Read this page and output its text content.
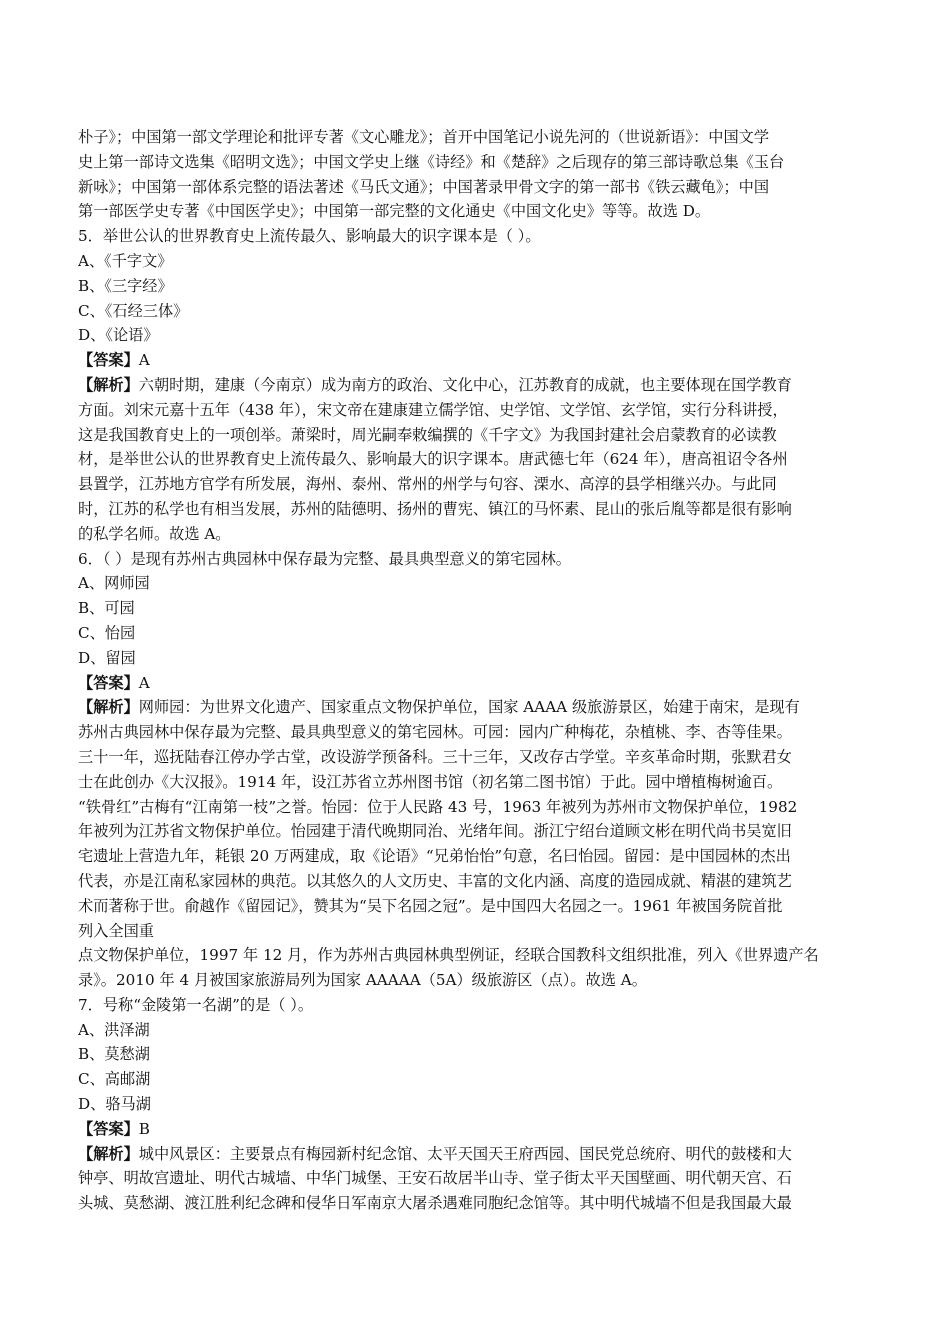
朴子》；中国第一部文学理论和批评专著《文心雕龙》；首开中国笔记小说先河的（世说新语》：中国文学
史上第一部诗文选集《昭明文选》；中国文学史上继《诗经》和《楚辞》之后现存的第三部诗歌总集《玉台
新咏》；中国第一部体系完整的语法著述《马氏文通》；中国著录甲骨文字的第一部书《铁云藏龟》；中国
第一部医学史专著《中国医学史》；中国第一部完整的文化通史《中国文化史》等等。故选 D。
5．举世公认的世界教育史上流传最久、影响最大的识字课本是（ ）。
A、《千字文》
B、《三字经》
C、《石经三体》
D、《论语》
【答案】A
【解析】六朝时期，建康（今南京）成为南方的政治、文化中心，江苏教育的成就，也主要体现在国学教育
方面。刘宋元嘉十五年（438 年），宋文帝在建康建立儒学馆、史学馆、文学馆、玄学馆，实行分科讲授，
这是我国教育史上的一项创举。萧梁时，周光嗣奉敕编撰的《千字文》为我国封建社会启蒙教育的必读教
材，是举世公认的世界教育史上流传最久、影响最大的识字课本。唐武德七年（624 年），唐高祖诏令各州
县置学，江苏地方官学有所发展，海州、泰州、常州的州学与句容、溧水、高淳的县学相继兴办。与此同
时，江苏的私学也有相当发展，苏州的陆德明、扬州的曹宪、镇江的马怀素、昆山的张后胤等都是很有影响
的私学名师。故选 A。
6．（ ）是现有苏州古典园林中保存最为完整、最具典型意义的第宅园林。
A、网师园
B、可园
C、怡园
D、留园
【答案】A
【解析】网师园：为世界文化遗产、国家重点文物保护单位，国家 AAAA 级旅游景区，始建于南宋，是现有
苏州古典园林中保存最为完整、最具典型意义的第宅园林。可园：园内广种梅花，杂植桃、李、杏等佳果。
三十一年，巡抚陆春江停办学古堂，改设游学预备科。三十三年，又改存古学堂。辛亥革命时期，张默君女
士在此创办《大汉报》。1914 年，设江苏省立苏州图书馆（初名第二图书馆）于此。园中增植梅树逾百。
“铁骨红”古梅有“江南第一枝”之誉。怡园：位于人民路 43 号，1963 年被列为苏州市文物保护单位，1982
年被列为江苏省文物保护单位。怡园建于清代晚期同治、光绪年间。浙江宁绍台道顾文彬在明代尚书吴宽旧
宅遗址上营造九年，耗银 20 万两建成，取《论语》“兄弟怡怡”句意，名曰怡园。留园：是中国园林的杰出
代表，亦是江南私家园林的典范。以其悠久的人文历史、丰富的文化内涵、高度的造园成就、精湛的建筑艺
术而著称于世。俞越作《留园记》，赞其为“吴下名园之冠”。是中国四大名园之一。1961 年被国务院首批
列入全国重
点文物保护单位，1997 年 12 月，作为苏州古典园林典型例证，经联合国教科文组织批准，列入《世界遗产名
录》。2010 年 4 月被国家旅游局列为国家 AAAAA（5A）级旅游区（点）。故选 A。
7．号称“金陵第一名湖”的是（ ）。
A、洪泽湖
B、莫愁湖
C、高邮湖
D、骆马湖
【答案】B
【解析】城中风景区：主要景点有梅园新村纪念馆、太平天国天王府西园、国民党总统府、明代的鼓楼和大
钟亭、明故宫遗址、明代古城墙、中华门城堡、王安石故居半山寺、堂子街太平天国壁画、明代朝天宫、石
头城、莫愁湖、渡江胜利纪念碑和侵华日军南京大屠杀遇难同胞纪念馆等。其中明代城墙不但是我国最大最
